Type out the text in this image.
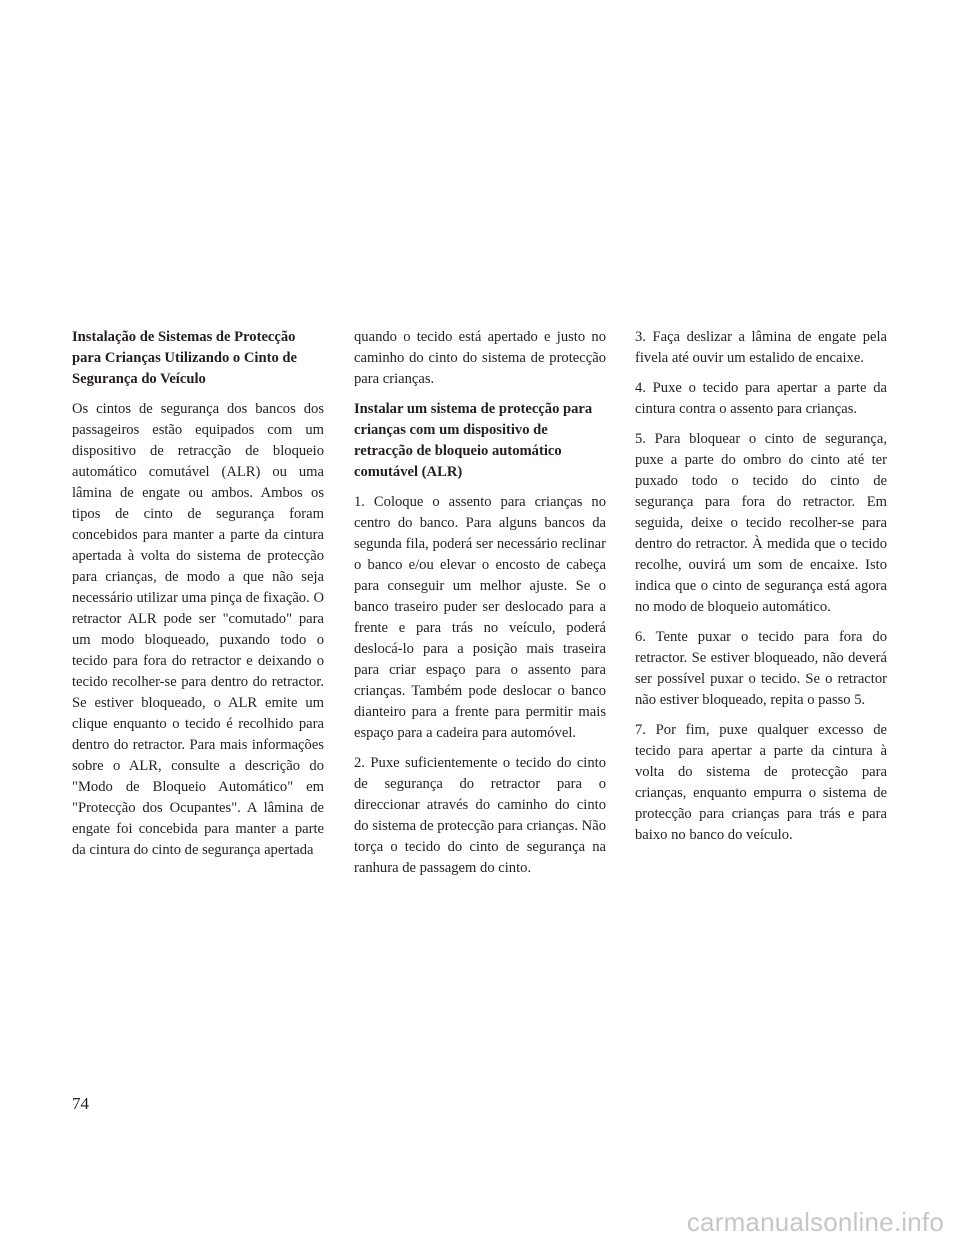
Instalação de Sistemas de Protecção para Crianças Utilizando o Cinto de Segurança do Veículo

Os cintos de segurança dos bancos dos passageiros estão equipados com um dispositivo de retracção de bloqueio automático comutável (ALR) ou uma lâmina de engate ou ambos. Ambos os tipos de cinto de segurança foram concebidos para manter a parte da cintura apertada à volta do sistema de protecção para crianças, de modo a que não seja necessário utilizar uma pinça de fixação. O retractor ALR pode ser "comutado" para um modo bloqueado, puxando todo o tecido para fora do retractor e deixando o tecido recolher-se para dentro do retractor. Se estiver bloqueado, o ALR emite um clique enquanto o tecido é recolhido para dentro do retractor. Para mais informações sobre o ALR, consulte a descrição do "Modo de Bloqueio Automático" em "Protecção dos Ocupantes". A lâmina de engate foi concebida para manter a parte da cintura do cinto de segurança apertada

quando o tecido está apertado e justo no caminho do cinto do sistema de protecção para crianças.

Instalar um sistema de protecção para crianças com um dispositivo de retracção de bloqueio automático comutável (ALR)

1. Coloque o assento para crianças no centro do banco. Para alguns bancos da segunda fila, poderá ser necessário reclinar o banco e/ou elevar o encosto de cabeça para conseguir um melhor ajuste. Se o banco traseiro puder ser deslocado para a frente e para trás no veículo, poderá deslocá-lo para a posição mais traseira para criar espaço para o assento para crianças. Também pode deslocar o banco dianteiro para a frente para permitir mais espaço para a cadeira para automóvel.

2. Puxe suficientemente o tecido do cinto de segurança do retractor para o direccionar através do caminho do cinto do sistema de protecção para crianças. Não torça o tecido do cinto de segurança na ranhura de passagem do cinto.

3. Faça deslizar a lâmina de engate pela fivela até ouvir um estalido de encaixe.

4. Puxe o tecido para apertar a parte da cintura contra o assento para crianças.

5. Para bloquear o cinto de segurança, puxe a parte do ombro do cinto até ter puxado todo o tecido do cinto de segurança para fora do retractor. Em seguida, deixe o tecido recolher-se para dentro do retractor. À medida que o tecido recolhe, ouvirá um som de encaixe. Isto indica que o cinto de segurança está agora no modo de bloqueio automático.

6. Tente puxar o tecido para fora do retractor. Se estiver bloqueado, não deverá ser possível puxar o tecido. Se o retractor não estiver bloqueado, repita o passo 5.

7. Por fim, puxe qualquer excesso de tecido para apertar a parte da cintura à volta do sistema de protecção para crianças, enquanto empurra o sistema de protecção para crianças para trás e para baixo no banco do veículo.

74
carmanualsonline.info
